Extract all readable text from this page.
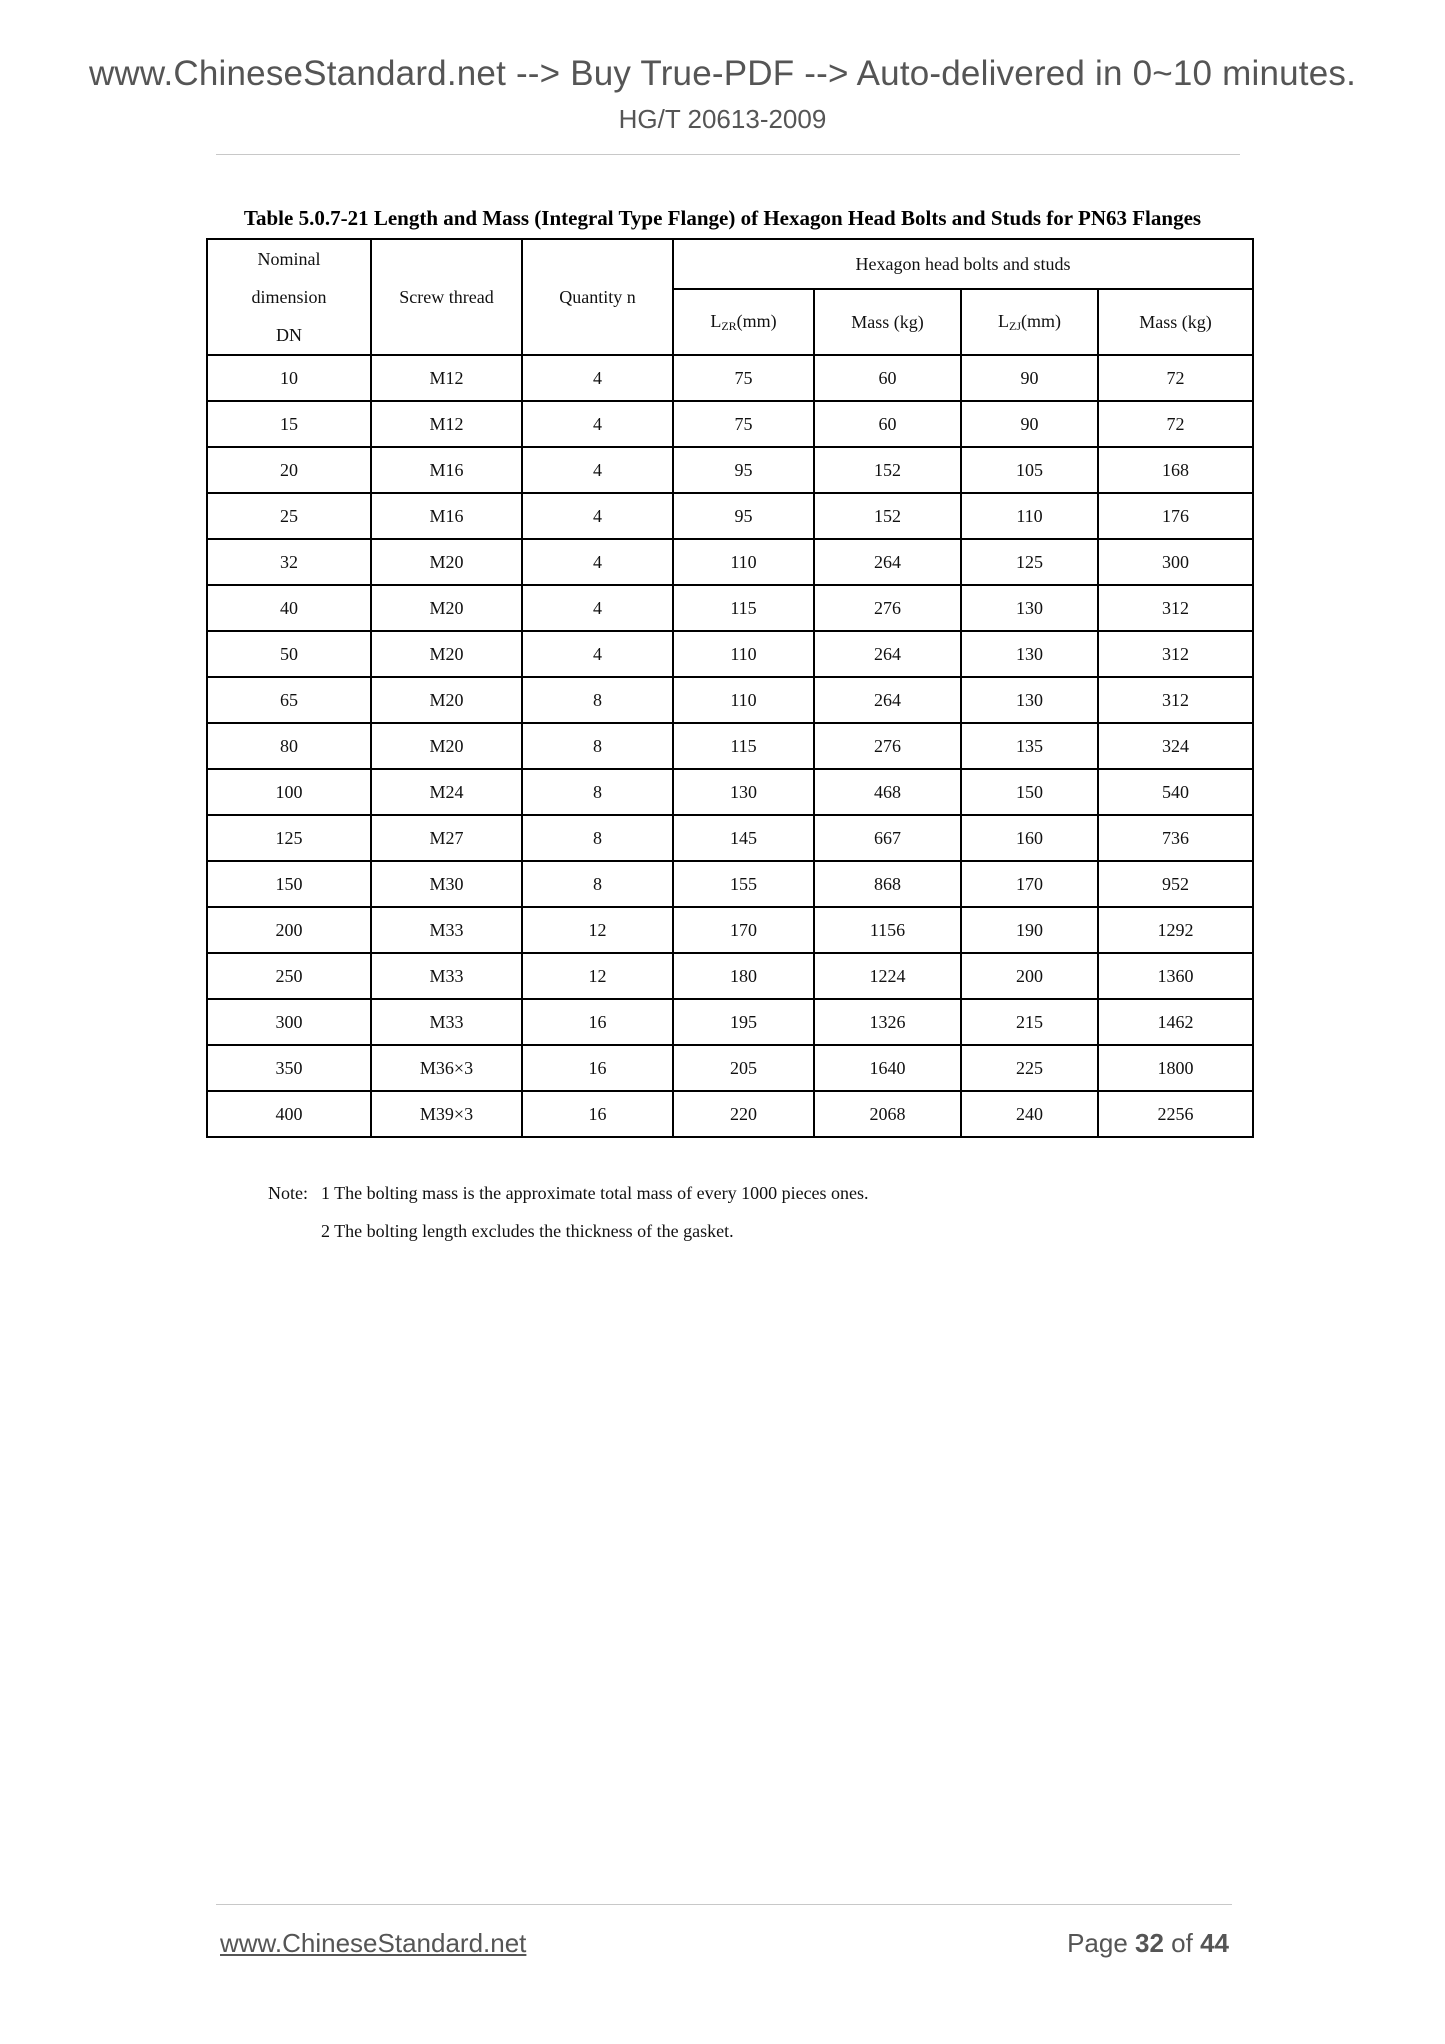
www.ChineseStandard.net --> Buy True-PDF --> Auto-delivered in 0~10 minutes.
HG/T 20613-2009
Table 5.0.7-21 Length and Mass (Integral Type Flange) of Hexagon Head Bolts and Studs for PN63 Flanges
Nominal
dimension
DN	Screw thread	Quantity n	Hexagon head bolts and studs			
			$L_{ZR}(mm)$	Mass (kg)	$L_{ZJ}(mm)$	Mass (kg)
10	M12	4	75	60	90	72
15	M12	4	75	60	90	72
20	M16	4	95	152	105	168
25	M16	4	95	152	110	176
32	M20	4	110	264	125	300
40	M20	4	115	276	130	312
50	M20	4	110	264	130	312
65	M20	8	110	264	130	312
80	M20	8	115	276	135	324
100	M24	8	130	468	150	540
125	M27	8	145	667	160	736
150	M30	8	155	868	170	952
200	M33	12	170	1156	190	1292
250	M33	12	180	1224	200	1360
300	M33	16	195	1326	215	1462
350	M36×3	16	205	1640	225	1800
400	M39×3	16	220	2068	240	2256
Note: 1 The bolting mass is the approximate total mass of every 1000 pieces ones.
2 The bolting length excludes the thickness of the gasket.
www.ChineseStandard.net	Page 32 of 44
